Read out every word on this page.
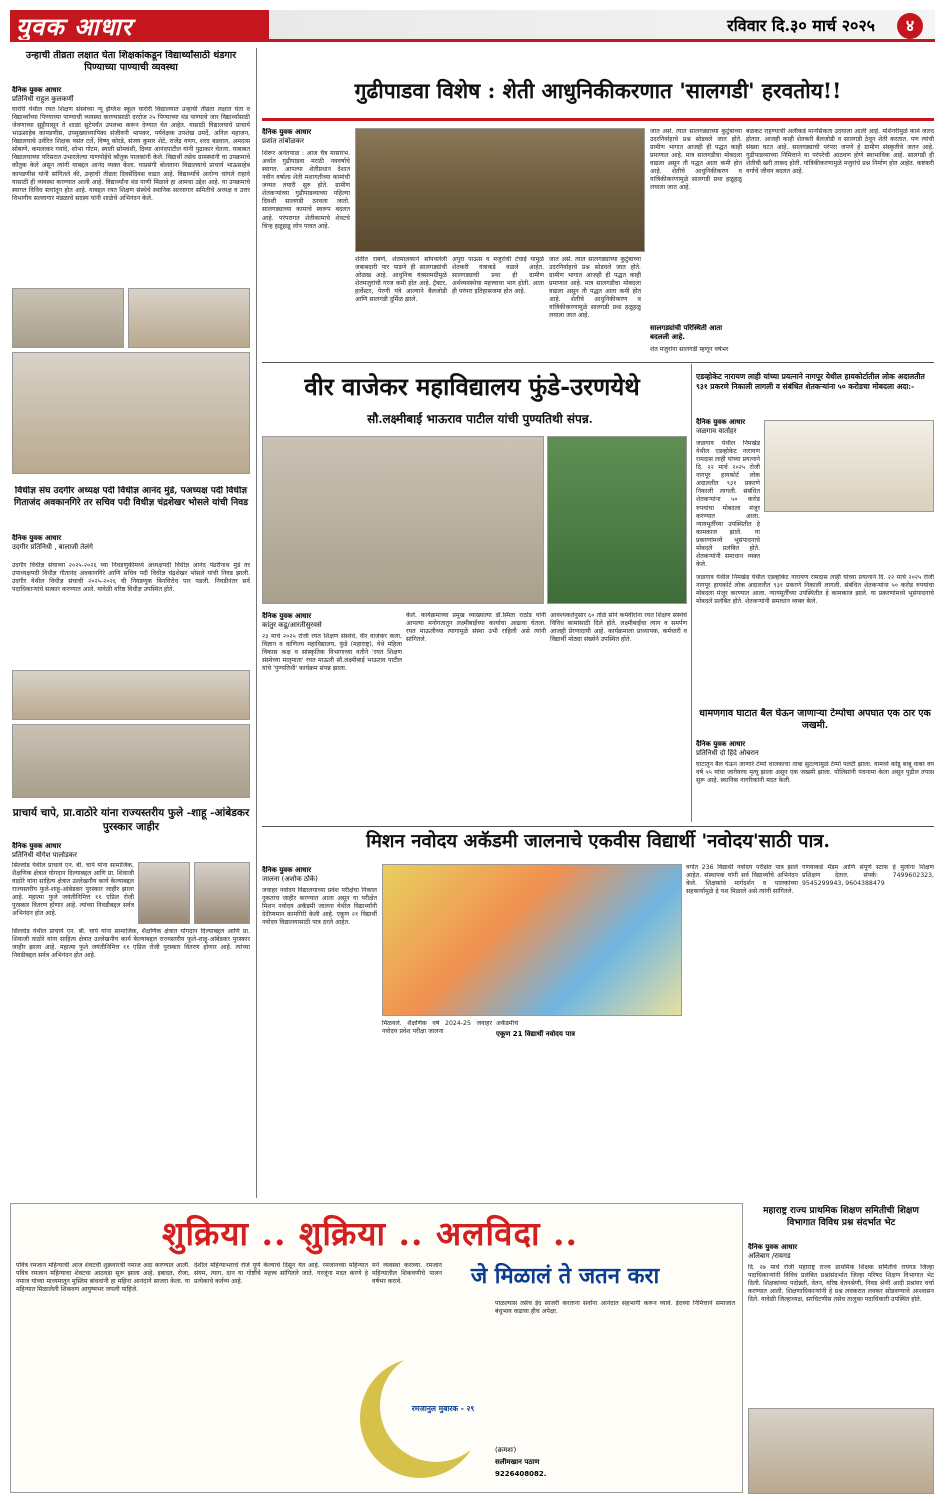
युवक आधार	रविवार दि.३० मार्च २०२५	४
उन्हाची तीव्रता लक्षात घेता शिक्षकांकडून विद्यार्थ्यांसाठी थंडगार पिण्याच्या पाण्याची व्यवस्था
दैनिक युवक आधार
प्रतिनिधी राहुल कुलकर्णी
घारोरी येथील रयत शिक्षण संस्थेच्या न्यू इंग्लिश स्कूल घारोरी विद्यालयात उन्हाची तीव्रता लक्षात घेता व विद्यार्थ्यांच्या पिण्याच्या पाण्याची व्यवस्था करण्यासाठी दररोज २५ पिण्याच्या थंड पाण्याचे जार विद्यार्थ्यांसाठी जेवणाच्या सुट्टीपासून ते शाळा सुटेपर्यंत उपलब्ध करून देण्यात येत आहेत. यासाठी विद्यालयाचे प्राचार्य भाऊसाहेब कापडणीस, उपमुख्याध्यापिका संजीवनी भापकर, पर्यवेक्षक उपशेख उमर्दे, अनिल महाजन, विद्यालयाचे उर्वरित शिक्षक वसंत टर्ले, विष्णू कोरडे, संजय कुमार शेटे, राजेंद्र वणग, शरद बडवाल, अमदास सोबाणे, कमलाकर गवांदे, शोभा गोटम, स्वाती सोमवंशी, दिव्या आनंदपाटील यांनी पुढाकार घेतला. याबाबत विद्यालयाच्या परिसरात उभारलेल्या पाणपोईचे कौतुक पालकांनी केले. विद्यार्थी तसेच ग्रामस्थांनी या उपक्रमाचे कौतुक केले असून त्यांनी याबद्दल आनंद व्यक्त केला. याप्रसंगी बोलताना विद्यालयाचे प्राचार्य भाऊसाहेब कापडणीस यांनी सांगितले की, उन्हाची तीव्रता दिवसेंदिवस वाढत आहे. विद्यार्थ्यांचे आरोग्य चांगले राहावे यासाठी ही व्यवस्था करण्यात आली आहे. विद्यार्थ्यांना थंड पाणी मिळावे हा आमचा उद्देश आहे. या उपक्रमाचे स्वागत विविध स्तरांतून होत आहे. याबद्दल रयत शिक्षण संस्थेचे स्थानिक सल्लागार समितीचे अध्यक्ष व उत्तर विभागीय सल्लागार मंडळाचे सदस्य यांनी शाळेचे अभिनंदन केले.
गुढीपाडवा विशेष : शेती आधुनिकीकरणात 'सालगडी' हरवतोय!!
दैनिक युवक आधार
प्रशांत तांबोळकर
शिरूर अनंतपाळ : आज चैत्र मासारंभ. अर्थात गुढीपाडवा मराठी नववर्षाचे स्वागत. आपल्या शेतीप्रधान देशात नवीन वर्षाला शेती मशागतीच्या कामांची जय्यत तयारी सुरु होते. ग्रामीण शेतकऱ्यांच्या गुढीपाडव्याच्या पहिल्या दिवशी सालगडी ठरवला जातो. सालगड्याच्या कामाचे स्वरूप बदलत आहे. परंपरागत शेतीकामाचे शेवटचे चिन्ह हळूहळू लोप पावत आहे.
शेतीत राबणे, शेतमालकाने सोपवलेली जबाबदारी पार पाडणे ही सालगड्यांची ओळख आहे. आधुनिक यंत्रसामग्रीमुळे शेतमजुरांची गरज कमी होत आहे. ट्रॅक्टर, हार्वेस्टर, पेरणी यंत्रे आल्याने बैलजोडी आणि सालगडी दुर्मिळ झाले.
अपुरा पाऊस व मजुरांची टंचाई यामुळे शेतकरी यंत्राकडे वळले आहेत. सालगड्याची प्रथा ही ग्रामीण अर्थव्यवस्थेचा महत्त्वाचा भाग होती. आता ही परंपरा इतिहासजमा होत आहे.
जात असे. त्यात सालगड्याच्या कुटुंबाच्या उदरनिर्वाहाचे प्रश्न सोडवले जात होते. ग्रामीण भागात आजही ही पद्धत काही प्रमाणात आहे. मात्र सालगडीचा मोबदला वाढला असून ती पद्धत आता कमी होत आहे. शेतीचे आधुनिकीकरण व यांत्रिकीकरणामुळे सालगडी प्रथा हळूहळू लयाला जात आहे.
जात असे. त्यात सालगड्याच्या कुटुंबाच्या उदरनिर्वाहाचे प्रश्न सोडवले जात होते. ग्रामीण भागात आजही ही पद्धत काही प्रमाणात आहे. मात्र सालगडीचा मोबदला वाढला असून ती पद्धत आता कमी होत आहे. शेतीचे आधुनिकीकरण व यांत्रिकीकरणामुळे सालगडी प्रथा हळूहळू लयाला जात आहे.
सालगड्यांची परिस्थिती आता बदलली आहे.
शेत मजुरांना सालगडी म्हणून वर्षभर
बळकट राहण्याची अलीकडे मानसिकता उदयाला आली आहे. मशिनरीमुळे कामे जलद होतात. आजही काही शेतकरी बैलजोडी व सालगडी ठेवून शेती करतात. पण त्यांची संख्या घटत आहे. सालगड्याची परंपरा जपणे हे ग्रामीण संस्कृतीचे जतन आहे. गुढीपाडव्याच्या निमित्ताने या परंपरेची आठवण होणे स्वाभाविक आहे. सालगडी ही शेतीची खरी ताकद होती. यांत्रिकीकरणामुळे मजुरांचे प्रश्न निर्माण होत आहेत. कष्टकरी वर्गाचे जीवन बदलत आहे.
वीर वाजेकर महाविद्यालय फुंडे-उरणयेथे
सौ.लक्ष्मीबाई भाऊराव पाटील यांची पुण्यतिथी संपन्न.
दैनिक युवक आधार
कांतुर कडू/आरतीसुरवसे
२३ मार्च २०२५ रोजी रयत शिक्षण संस्थेचे, वीर वाजेकर कला, विज्ञान व वाणिज्य महाविद्यालय, फुंडे (महाराष्ट्र), येथे महिला विकास कक्ष व सांस्कृतिक विभागाच्या वतीने 'रयत शिक्षण संस्थेच्या मातृमाता' रयत माऊली सौ.लक्ष्मीबाई भाऊराव पाटील यांचे 'पुण्यतिथी' कार्यक्रम संपन्न झाला.
केले. कार्यक्रमाच्या प्रमुख व्याख्यात्या डॉ.स्मिता राठोड यांनी आपल्या मनोगतातून लक्ष्मीबाईंच्या कार्याचा आढावा घेतला. रयत माऊलीच्या त्यागामुळे संस्था उभी राहिली असे त्यांनी सांगितले.
आवश्यकतेनुसार ६० तोळे सोने कर्मवीरांना रयत शिक्षण संस्थेचे विविध कामांसाठी दिले होते. लक्ष्मीबाईंचा त्याग व समर्पण आजही प्रेरणादायी आहे. कार्यक्रमाला प्राध्यापक, कर्मचारी व विद्यार्थी मोठ्या संख्येने उपस्थित होते.
एडव्होकेट नारायण लाही यांच्या प्रयत्नाने नागपूर येथील हायकोर्टातील लोक अदालतीत ९३१ प्रकरणे निकाली लागली व संबंधित शेतकऱ्यांना ५० करोडचा मोबदला अदा:-
दैनिक युवक आधार
जळगाव वार्ताहर
जळगाव येथील निमखेड येथील एडव्होकेट नारायण रामदास लाही यांच्या प्रयत्नाने दि. २२ मार्च २०२५ रोजी नागपूर हायकोर्ट लोक अदालतीत ९३१ प्रकरणे निकाली लागली. संबंधित शेतकऱ्यांना ५० करोड रुपयांचा मोबदला मंजूर करण्यात आला. न्यायमूर्तींच्या उपस्थितीत हे कामकाज झाले. या प्रकरणांमध्ये भूसंपादनाचे मोबदले प्रलंबित होते. शेतकऱ्यांनी समाधान व्यक्त केले.
जळगाव येथील निमखेड येथील एडव्होकेट नारायण रामदास लाही यांच्या प्रयत्नाने दि. २२ मार्च २०२५ रोजी नागपूर हायकोर्ट लोक अदालतीत ९३१ प्रकरणे निकाली लागली. संबंधित शेतकऱ्यांना ५० करोड रुपयांचा मोबदला मंजूर करण्यात आला. न्यायमूर्तींच्या उपस्थितीत हे कामकाज झाले. या प्रकरणांमध्ये भूसंपादनाचे मोबदले प्रलंबित होते. शेतकऱ्यांनी समाधान व्यक्त केले.
धामणगाव घाटात बैल घेऊन जाणाऱ्या टेम्पोचा अपघात एक ठार एक जखमी.
दैनिक युवक आधार
प्रतिनिधी दो हिंदे ओबरान
घाटातून बैल घेऊन जाणारे टेम्पो चालकाचा ताबा सुटल्यामुळे टेम्पो पलटी झाला. यामध्ये कोंडू बाबू वाबर वय वर्ष ५५ यांचा जागेवरच मृत्यू झाला असून एक जखमी झाला. पोलिसांनी पंचनामा केला असून पुढील तपास सुरू आहे. स्थानिक नागरिकांनी मदत केली.
विधीज्ञ संघ उदगीर अध्यक्ष पदी विधीज्ञ आनंद मुंडे, पअध्यक्ष पदी विधीज्ञ गिताजंद अवकानगिरे तर सचिव पदी विधीज्ञ चंद्रशेखर भोसले यांची निवड
दैनिक युवक आधार
उदगीर प्रतिनिधी , बालाजी तेलंगे
उदगीर विधीज्ञ संघाच्या २०२५-२०२६ च्या निवडणुकीमध्ये अध्यक्षपदी विधीज्ञ आनंद पंढरीनाथ मुंडे तर उपाध्यक्षपदी विधीज्ञ गीतानंद अवकानगिरे आणि सचिव पदी विधीज्ञ चंद्रशेखर भोसले यांची निवड झाली. उदगीर येथील विधीज्ञ संघाची २०२५-२०२६ ची निवडणूक बिनविरोध पार पडली. निवडीनंतर सर्व पदाधिकाऱ्यांचे सत्कार करण्यात आले. यावेळी वरिष्ठ विधीज्ञ उपस्थित होते.
प्राचार्य चापे, प्रा.वाठोरे यांना राज्यस्तरीय फुले -शाहू -आंबेडकर पुरस्कार जाहीर
दैनिक युवक आधार
प्रतिनिधी योगेश पालोडकर
सिल्लोड येथील प्राचार्य एन. बी. चापे यांना सामाजिक, शैक्षणिक क्षेत्रात योगदान दिल्याबद्दल आणि प्रा. शिवाजी वाठोरे यांना साहित्य क्षेत्रात उल्लेखनीय कार्य केल्याबद्दल राज्यस्तरीय फुले-शाहू-आंबेडकर पुरस्कार जाहीर झाला आहे. महात्मा फुले जयंतीनिमित्त ११ एप्रिल रोजी पुरस्कार वितरण होणार आहे. त्यांच्या निवडीबद्दल सर्वत्र अभिनंदन होत आहे.
सिल्लोड येथील प्राचार्य एन. बी. चापे यांना सामाजिक, शैक्षणिक क्षेत्रात योगदान दिल्याबद्दल आणि प्रा. शिवाजी वाठोरे यांना साहित्य क्षेत्रात उल्लेखनीय कार्य केल्याबद्दल राज्यस्तरीय फुले-शाहू-आंबेडकर पुरस्कार जाहीर झाला आहे. महात्मा फुले जयंतीनिमित्त ११ एप्रिल रोजी पुरस्कार वितरण होणार आहे. त्यांच्या निवडीबद्दल सर्वत्र अभिनंदन होत आहे.
मिशन नवोदय अकॅडमी जालनाचे एकवीस विद्यार्थी 'नवोदय'साठी पात्र.
दैनिक युवक आधार
जालना (अशोक ठोके)
जवाहर नवोदय विद्यालयाच्या प्रवेश परीक्षेचा निकाल नुकताच जाहीर करण्यात आला असून या परीक्षेत मिशन नवोदय अकॅडमी जालना येथील विद्यार्थ्यांनी देदीप्यमान कामगिरी केली आहे. एकूण २१ विद्यार्थी नवोदय विद्यालयासाठी पात्र ठरले आहेत.
मिळवले. शैक्षणिक वर्ष 2024-25 जवाहर नवोदय प्रवेश परीक्षा जालना
अकॅडमीचे
एकूण 21 विद्यार्थी नवोदय पात्र
वर्गात 236 विद्यार्थी नवोदय परीक्षेत पात्र झाले आहेत. संस्थापक यांनी सर्व विद्यार्थ्यांचे अभिनंदन केले. शिक्षकांचे मार्गदर्शन व पालकांच्या सहकार्यामुळे हे यश मिळाले असे त्यांनी सांगितले.
गणवाकडे मॅडम आणि संपूर्ण स्टाफ हे मुलांना शिक्षण प्रशिक्षण देतात. संपर्क: 7499602323, 9545299943, 9604388479
शुक्रिया .. शुक्रिया .. अलविदा ..
जे मिळालं ते जतन करा
पवित्र रमजान महिन्याची आज शेवटची शुक्रवारची नमाज अदा करण्यात आली. पवित्र रमजान महिन्याचा शेवटचा आठवडा सुरू झाला आहे. इबादत, रोजा, नमाज यांच्या माध्यमातून मुस्लिम बांधवांनी हा महिना आनंदाने साजरा केला. या महिन्यात मिळालेली शिकवण आयुष्यभर जपली पाहिजे.
देशील महिन्याभराचे रोजे पूर्ण केल्याचे दिसून येत आहे. रमजानच्या महिन्यात संयम, त्याग, दान या गोष्टींचे महत्त्व सांगितले जाते. गरजूंना मदत करणे हे प्रत्येकाचे कर्तव्य आहे.
मने व्यवस्था कराव्या. रमजान महिन्यातील शिकवणीचे पालन वर्षभर करावे.
रमजानुल मुबारक - २९
पाळल्यास तसेच ईद साजरी करताना सर्वांना आनंदात सहभागी करून घ्यावे. ईदच्या निमित्ताने समाजात बंधुभाव वाढावा हीच अपेक्षा.
(क्रमशः)
सलीमखान पठाण
9226408082.
महाराष्ट्र राज्य प्राथमिक शिक्षण समितीची शिक्षण विभागात विविध प्रश्न संदर्भात भेट
दैनिक युवक आधार
अलिबाग /रायगड
दि. २७ मार्च रोजी महाराष्ट्र राज्य प्राथमिक शिक्षक समितीचे रायगड जिल्हा पदाधिकाऱ्यांनी विविध प्रलंबित प्रश्नांसंदर्भात जिल्हा परिषद शिक्षण विभागात भेट दिली. शिक्षकांच्या पदोन्नती, वेतन, वरिष्ठ वेतनश्रेणी, निवड श्रेणी आदी प्रश्नांवर चर्चा करण्यात आली. शिक्षणाधिकाऱ्यांनी हे प्रश्न लवकरात लवकर सोडवण्याचे आश्वासन दिले. यावेळी जिल्हाध्यक्ष, सरचिटणीस तसेच तालुका पदाधिकारी उपस्थित होते.
